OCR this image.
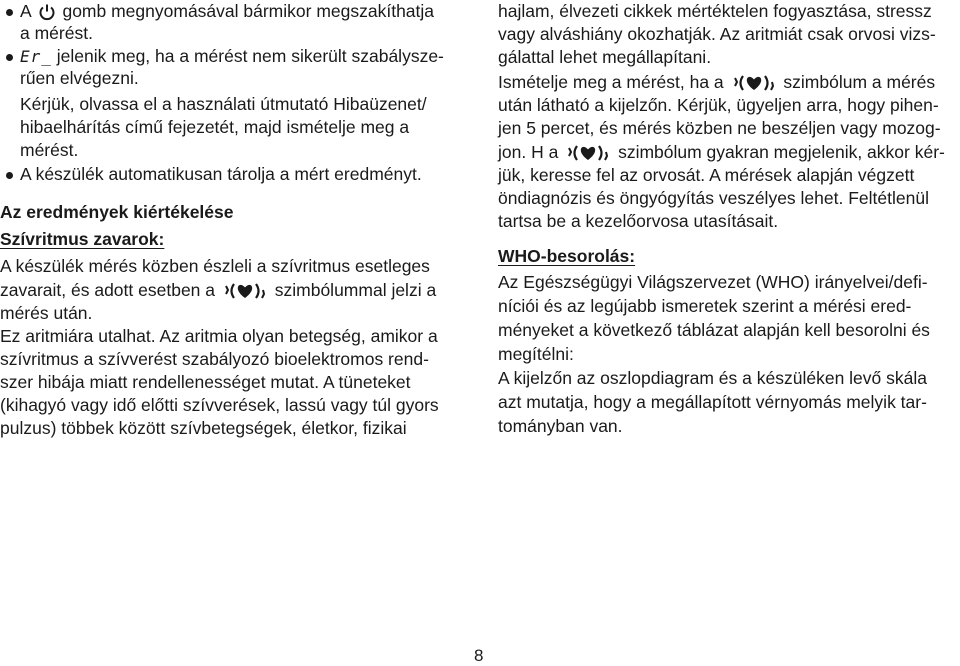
A gomb megnyomásával bármikor megszakíthatja
a mérést.
Er_ jelenik meg, ha a mérést nem sikerült szabályszе-
rűen elvégezni.
Kérjük, olvassa el a használati útmutató Hibaüzenet/
hibaelhárítás című fejezetét, majd ismételje meg a
mérést.
A készülék automatikusan tárolja a mért eredményt.
Az eredmények kiértékelése
Szívritmus zavarok:
A készülék mérés közben észleli a szívritmus esetleges
zavarait, és adott esetben a	szimbólummal jelzi a
mérés után.
Ez aritmiára utalhat. Az aritmia olyan betegség, amikor a
szívritmus a szívverést szabályozó bioelektromos rend-
szer hibája miatt rendellenességet mutat. A tüneteket
(kihagyó vagy idő előtti szívverések, lassú vagy túl gyors
pulzus) többek között szívbetegségek, életkor, fizikai
hajlam, élvezeti cikkek mértéktelen fogyasztása, stressz
vagy alváshiány okozhatják. Az aritmiát csak orvosi vizs-
gálattal lehet megállapítani.
Ismételje meg a mérést, ha a	szimbólum a mérés
után látható a kijelzőn. Kérjük, ügyeljen arra, hogy pihen-
jen 5 percet, és mérés közben ne beszéljen vagy mozog-
jon. H a	szimbólum gyakran megjelenik, akkor kér-
jük, keresse fel az orvosát. A mérések alapján végzett
öndiagnózis és öngyógyítás veszélyes lehet. Feltétlenül
tartsa be a kezelőorvosa utasításait.
WHO-besorolás:
Az Egészségügyi Világszervezet (WHO) irányelvei/defi-
níciói és az legújabb ismeretek szerint a mérési ered-
ményeket a következő táblázat alapján kell besorolni és
megítélni:
A kijelzőn az oszlopdiagram és a készüléken levő skála
azt mutatja, hogy a megállapított vérnyomás melyik tar-
tományban van.
8
